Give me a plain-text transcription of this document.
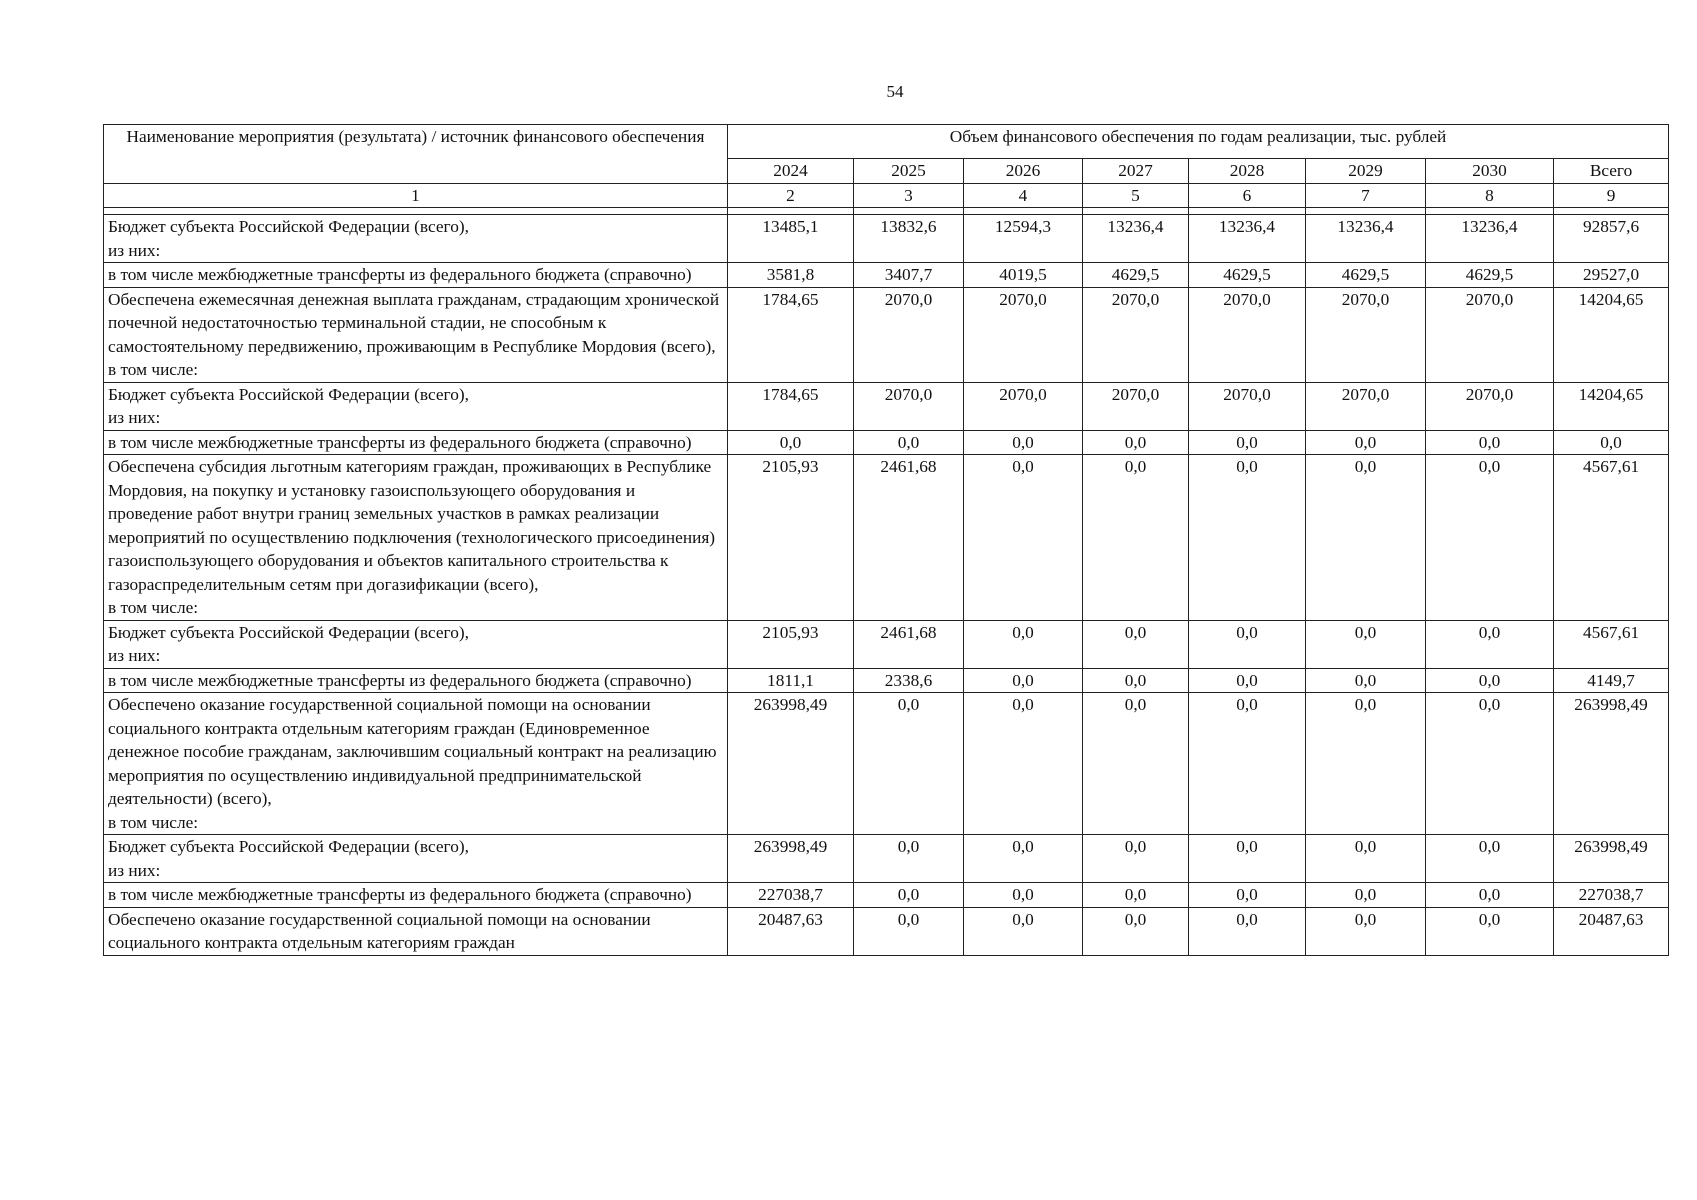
54
Наименование мероприятия (результата) / источник финансового обеспечения	Объем финансового обеспечения по годам реализации, тыс. рублей							
	2024	2025	2026	2027	2028	2029	2030	Всего
1	2	3	4	5	6	7	8	9

Бюджет субъекта Российской Федерации (всего),
из них:	13485,1	13832,6	12594,3	13236,4	13236,4	13236,4	13236,4	92857,6
в том числе межбюджетные трансферты из федерального бюджета (справочно)	3581,8	3407,7	4019,5	4629,5	4629,5	4629,5	4629,5	29527,0
Обеспечена ежемесячная денежная выплата гражданам, страдающим хронической почечной недостаточностью терминальной стадии, не способным к самостоятельному передвижению, проживающим в Республике Мордовия (всего),
в том числе:	1784,65	2070,0	2070,0	2070,0	2070,0	2070,0	2070,0	14204,65
Бюджет субъекта Российской Федерации (всего),
из них:	1784,65	2070,0	2070,0	2070,0	2070,0	2070,0	2070,0	14204,65
в том числе межбюджетные трансферты из федерального бюджета (справочно)	0,0	0,0	0,0	0,0	0,0	0,0	0,0	0,0
Обеспечена субсидия льготным категориям граждан, проживающих в Республике Мордовия, на покупку и установку газоиспользующего оборудования и проведение работ внутри границ земельных участков в рамках реализации мероприятий по осуществлению подключения (технологического присоединения) газоиспользующего оборудования и объектов капитального строительства к газораспределительным сетям при догазификации (всего),
в том числе:	2105,93	2461,68	0,0	0,0	0,0	0,0	0,0	4567,61
Бюджет субъекта Российской Федерации (всего),
из них:	2105,93	2461,68	0,0	0,0	0,0	0,0	0,0	4567,61
в том числе межбюджетные трансферты из федерального бюджета (справочно)	1811,1	2338,6	0,0	0,0	0,0	0,0	0,0	4149,7
Обеспечено оказание государственной социальной помощи на основании социального контракта отдельным категориям граждан (Единовременное денежное пособие гражданам, заключившим социальный контракт на реализацию мероприятия по осуществлению индивидуальной предпринимательской деятельности) (всего),
в том числе:	263998,49	0,0	0,0	0,0	0,0	0,0	0,0	263998,49
Бюджет субъекта Российской Федерации (всего),
из них:	263998,49	0,0	0,0	0,0	0,0	0,0	0,0	263998,49
в том числе межбюджетные трансферты из федерального бюджета (справочно)	227038,7	0,0	0,0	0,0	0,0	0,0	0,0	227038,7
Обеспечено оказание государственной социальной помощи на основании социального контракта отдельным категориям граждан	20487,63	0,0	0,0	0,0	0,0	0,0	0,0	20487,63
